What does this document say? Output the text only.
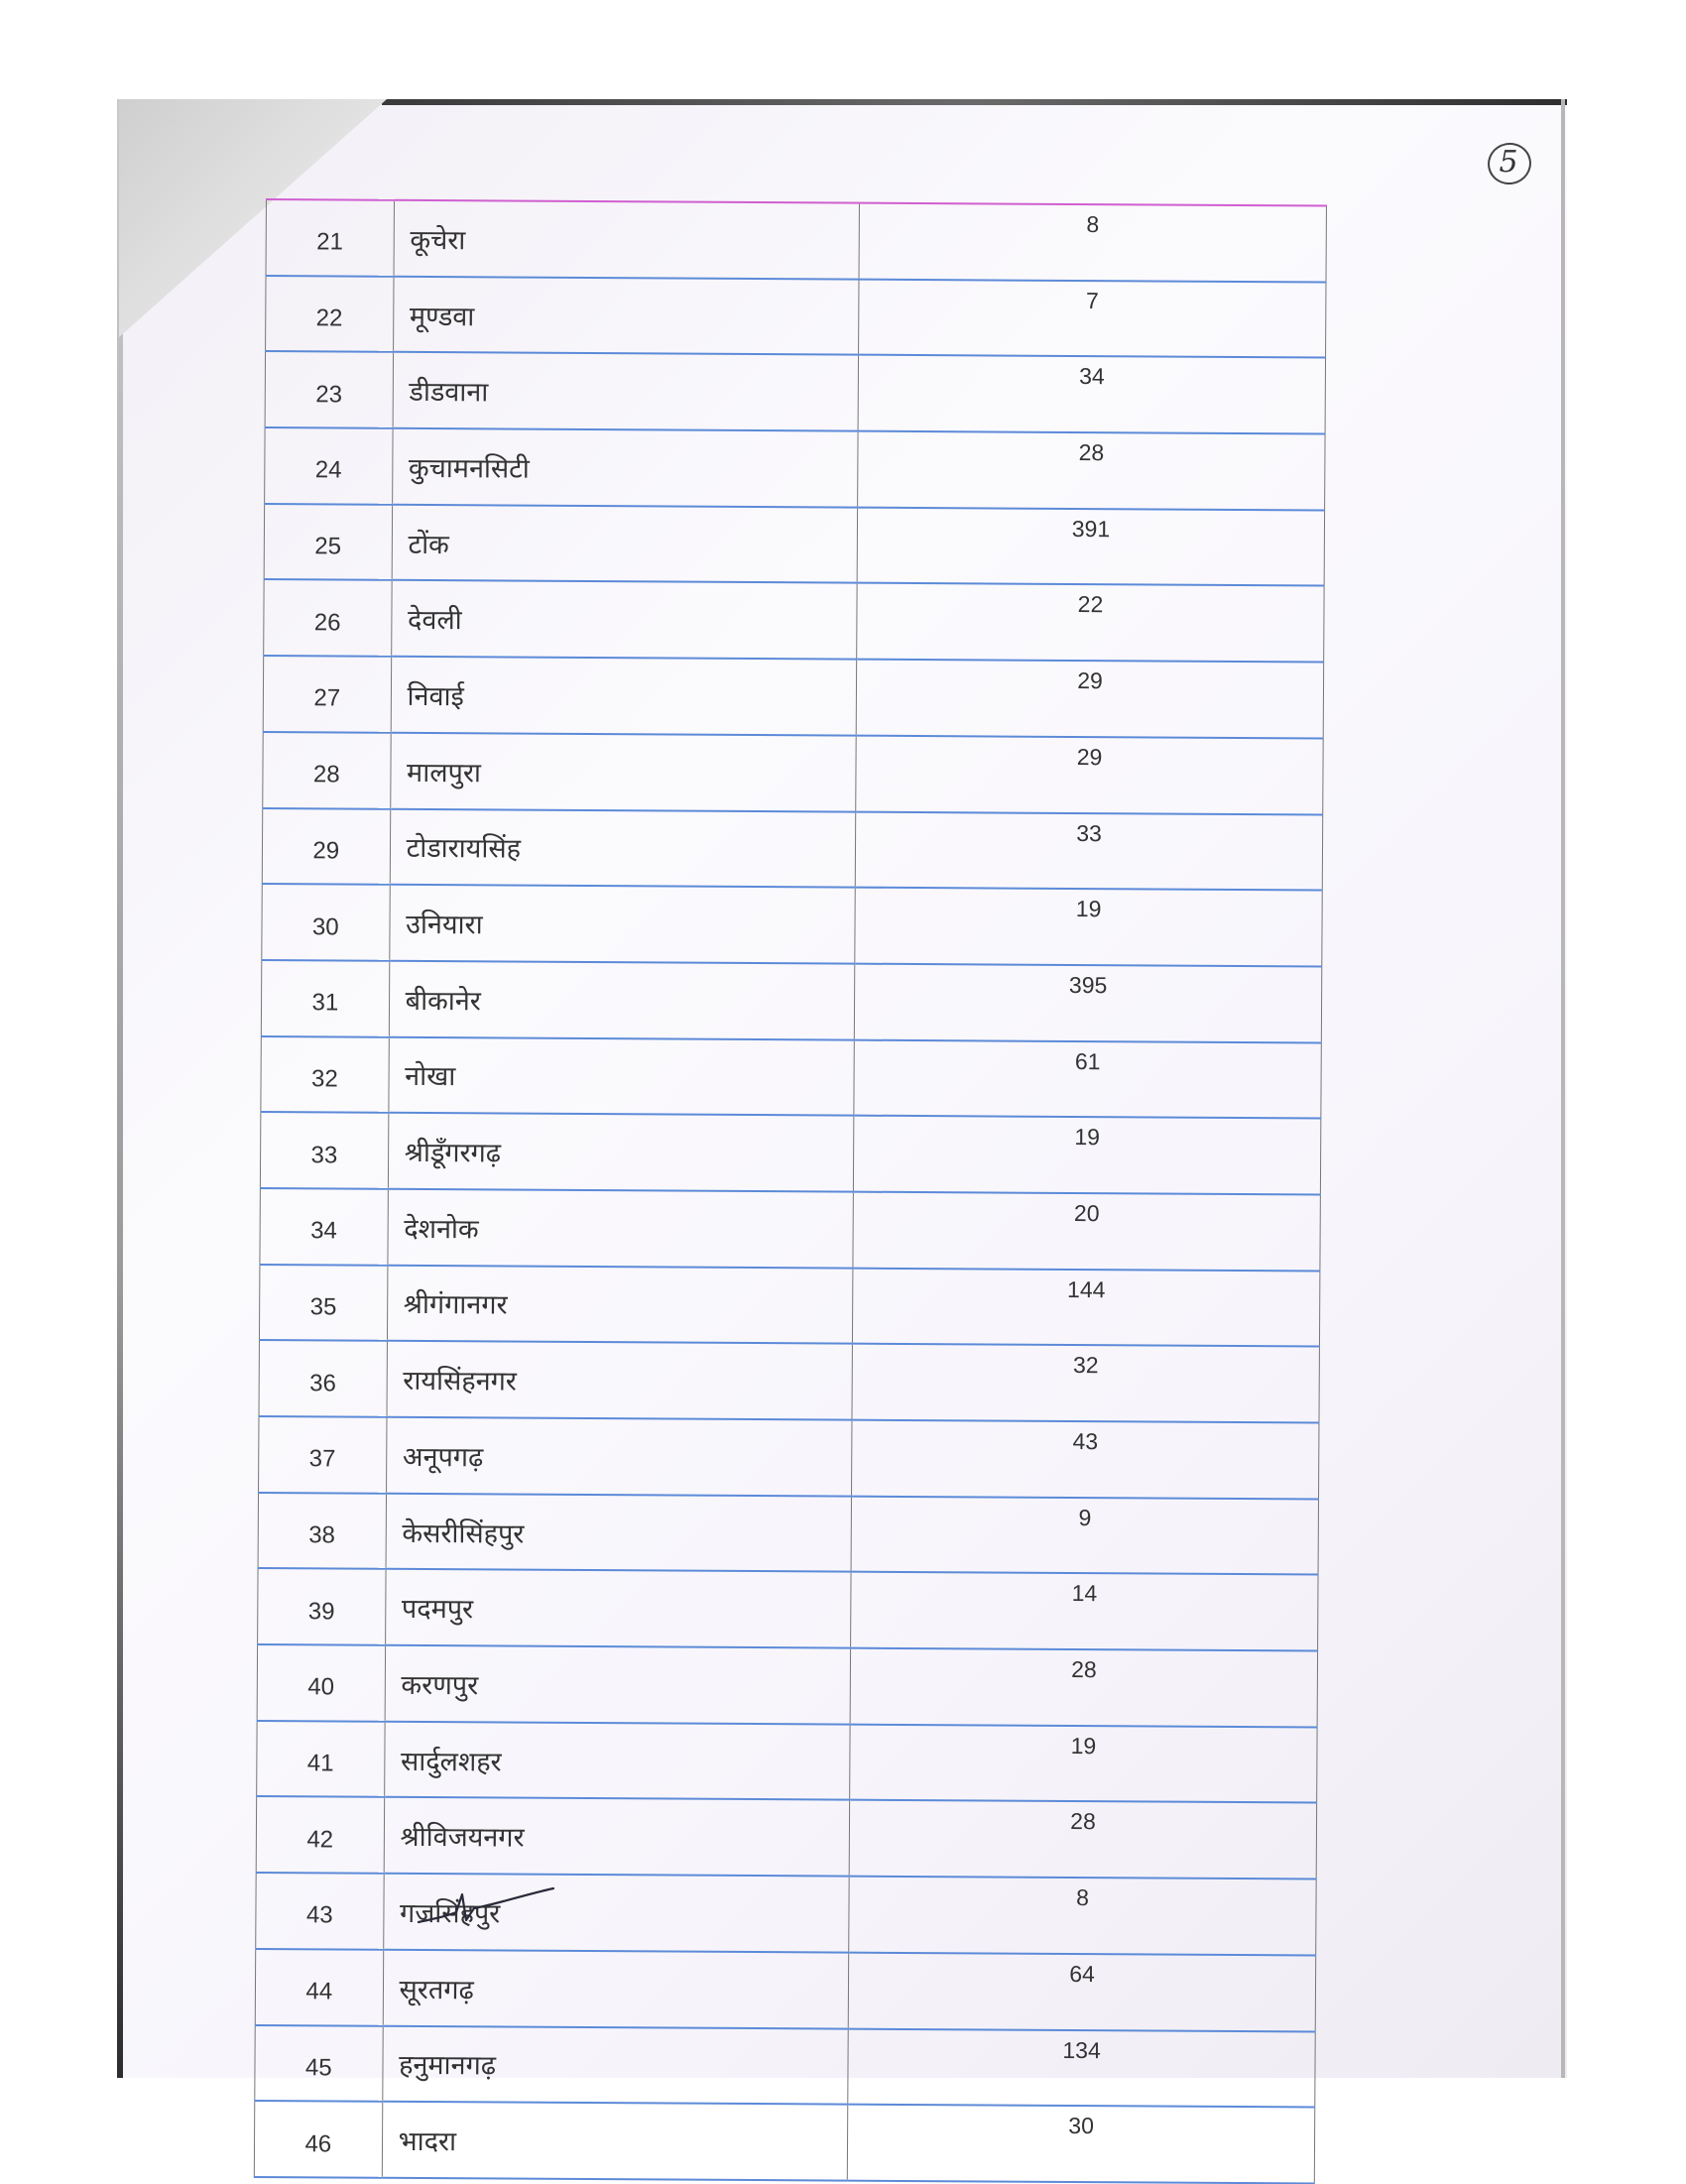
5
21	कूचेरा	8
22	मूण्डवा	7
23	डीडवाना	34
24	कुचामनसिटी	28
25	टोंक	391
26	देवली	22
27	निवाई	29
28	मालपुरा	29
29	टोडारायसिंह	33
30	उनियारा	19
31	बीकानेर	395
32	नोखा	61
33	श्रीडूँगरगढ़	19
34	देशनोक	20
35	श्रीगंगानगर	144
36	रायसिंहनगर	32
37	अनूपगढ़	43
38	केसरीसिंहपुर	9
39	पदमपुर	14
40	करणपुर	28
41	सार्दुलशहर	19
42	श्रीविजयनगर	28
43	गजसिंहपुर	8
44	सूरतगढ़	64
45	हनुमानगढ़	134
46	भादरा	30
